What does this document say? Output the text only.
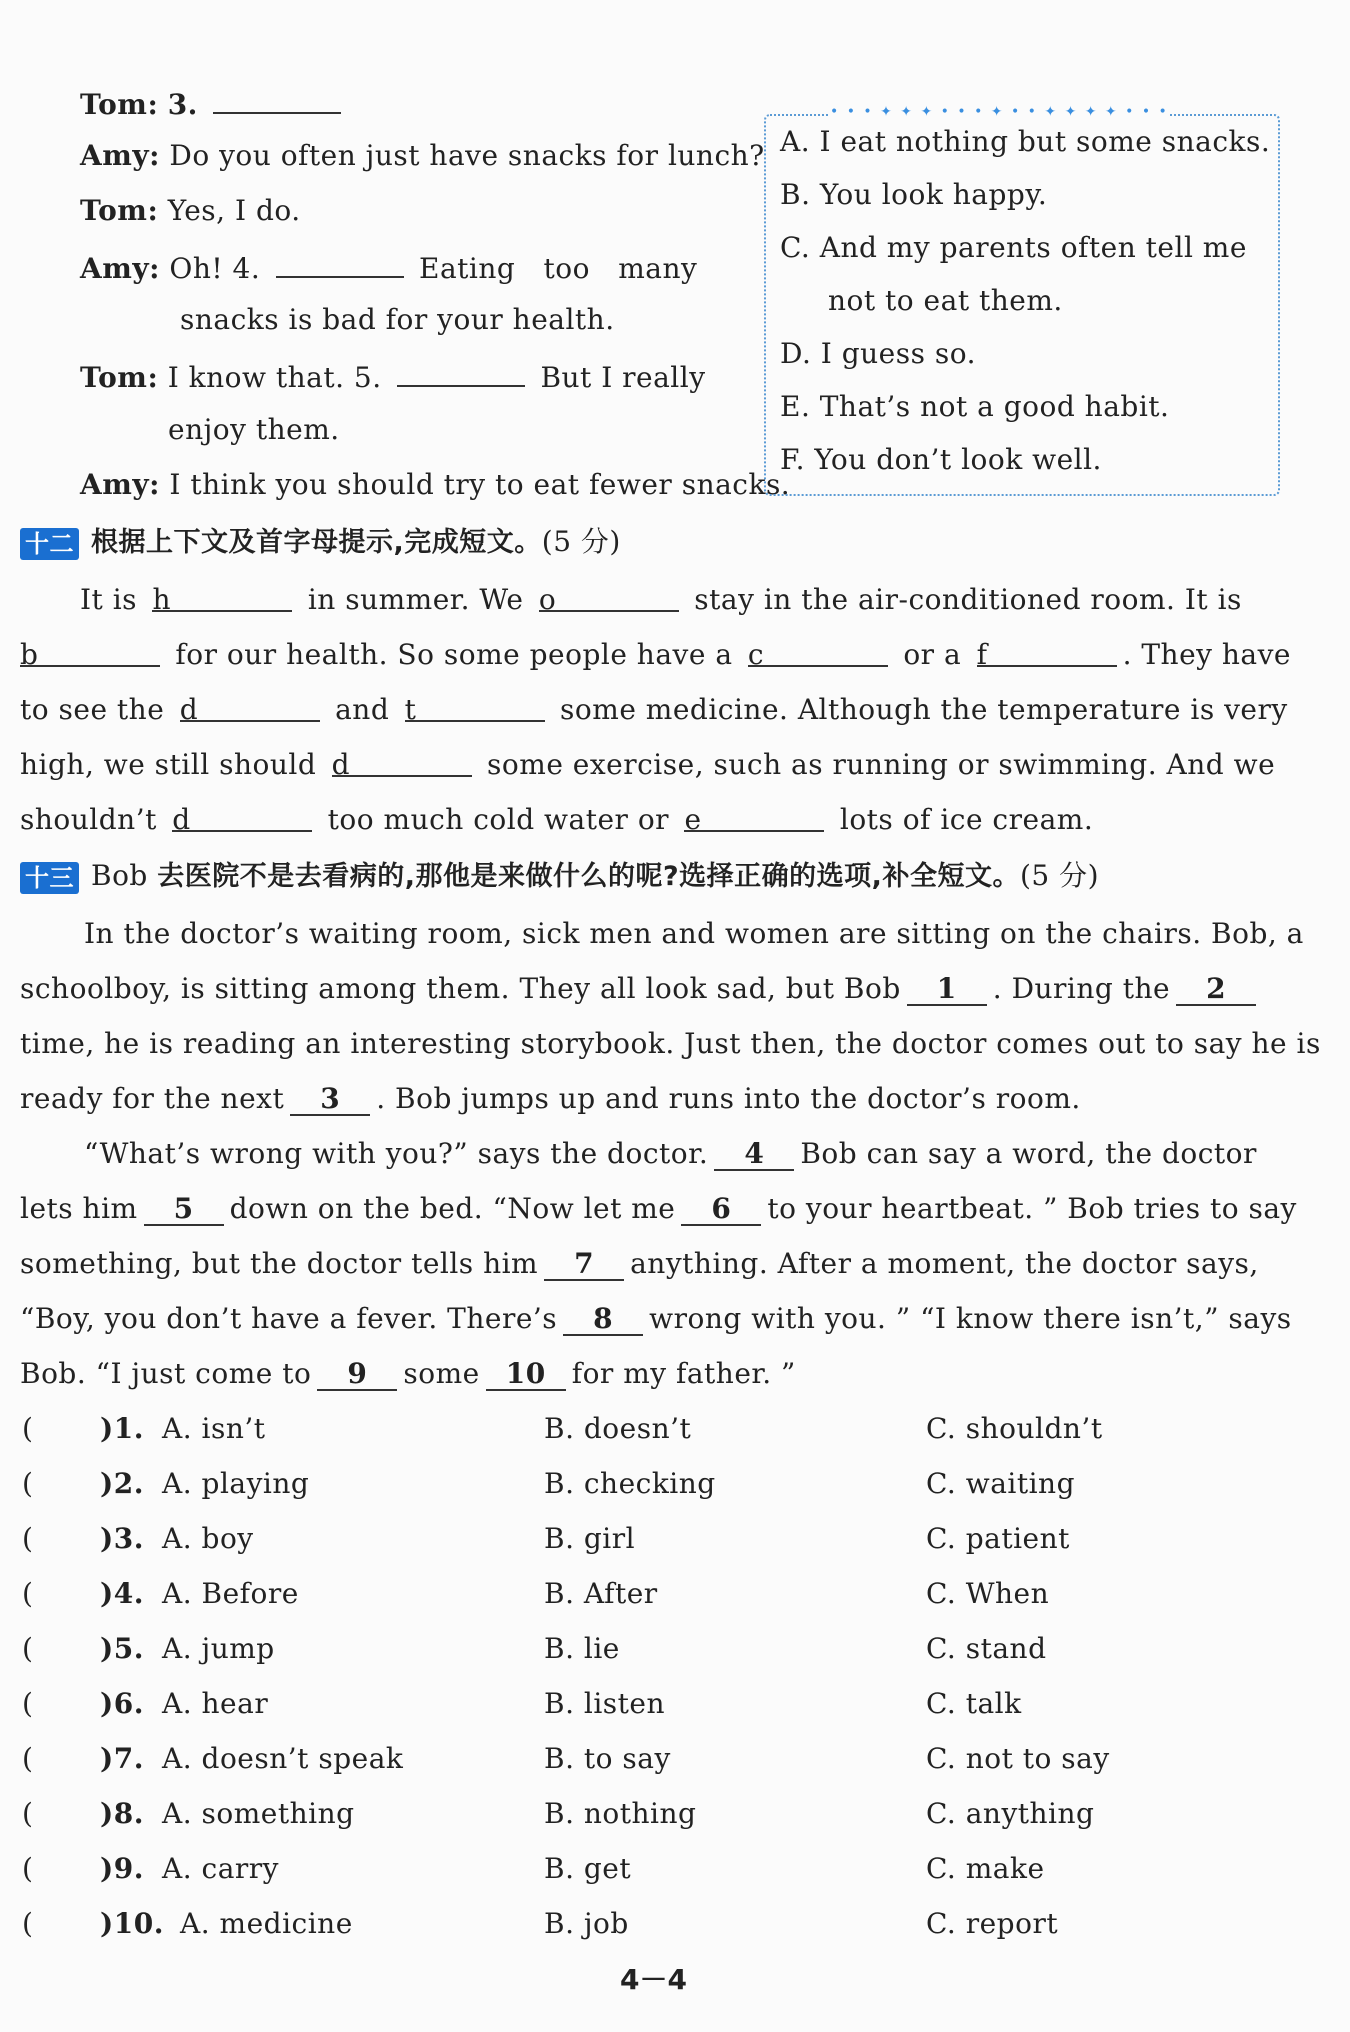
Tom: 3.
Amy: Do you often just have snacks for lunch?
Tom: Yes, I do.
Amy: Oh! 4.	Eating   too   many
snacks is bad for your health.
Tom: I know that. 5.	But I really
enjoy them.
Amy: I think you should try to eat fewer snacks.
• • • ✦ ✦ ✦ • • • ✦ • • ✦ ✦ ✦ ✦ • • •
A. I eat nothing but some snacks.
B. You look happy.
C. And my parents often tell me
not to eat them.
D. I guess so.
E. That’s not a good habit.
F. You don’t look well.
十二 根据上下文及首字母提示,完成短文。(5 分)
It is h	in summer. We o	stay in the air-conditioned room. It is
b	for our health. So some people have a c	or a f	. They have
to see the d	and t	some medicine. Although the temperature is very
high, we still should d	some exercise, such as running or swimming. And we
shouldn’t d	too much cold water or e	lots of ice cream.
十三 Bob 去医院不是去看病的,那他是来做什么的呢?选择正确的选项,补全短文。(5 分)
In the doctor’s waiting room, sick men and women are sitting on the chairs. Bob, a
schoolboy, is sitting among them. They all look sad, but Bob 1 . During the 2
time, he is reading an interesting storybook. Just then, the doctor comes out to say he is
ready for the next 3 . Bob jumps up and runs into the doctor’s room.
“What’s wrong with you?” says the doctor. 4 Bob can say a word, the doctor
lets him 5 down on the bed. “Now let me 6 to your heartbeat. ” Bob tries to say
something, but the doctor tells him 7 anything. After a moment, the doctor says,
“Boy, you don’t have a fever. There’s 8 wrong with you. ” “I know there isn’t,” says
Bob. “I just come to 9 some 10 for my father. ”
( )1. A. isn’t	B. doesn’t	C. shouldn’t
( )2. A. playing	B. checking	C. waiting
( )3. A. boy	B. girl	C. patient
( )4. A. Before	B. After	C. When
( )5. A. jump	B. lie	C. stand
( )6. A. hear	B. listen	C. talk
( )7. A. doesn’t speak	B. to say	C. not to say
( )8. A. something	B. nothing	C. anything
( )9. A. carry	B. get	C. make
( )10. A. medicine	B. job	C. report
4－4
